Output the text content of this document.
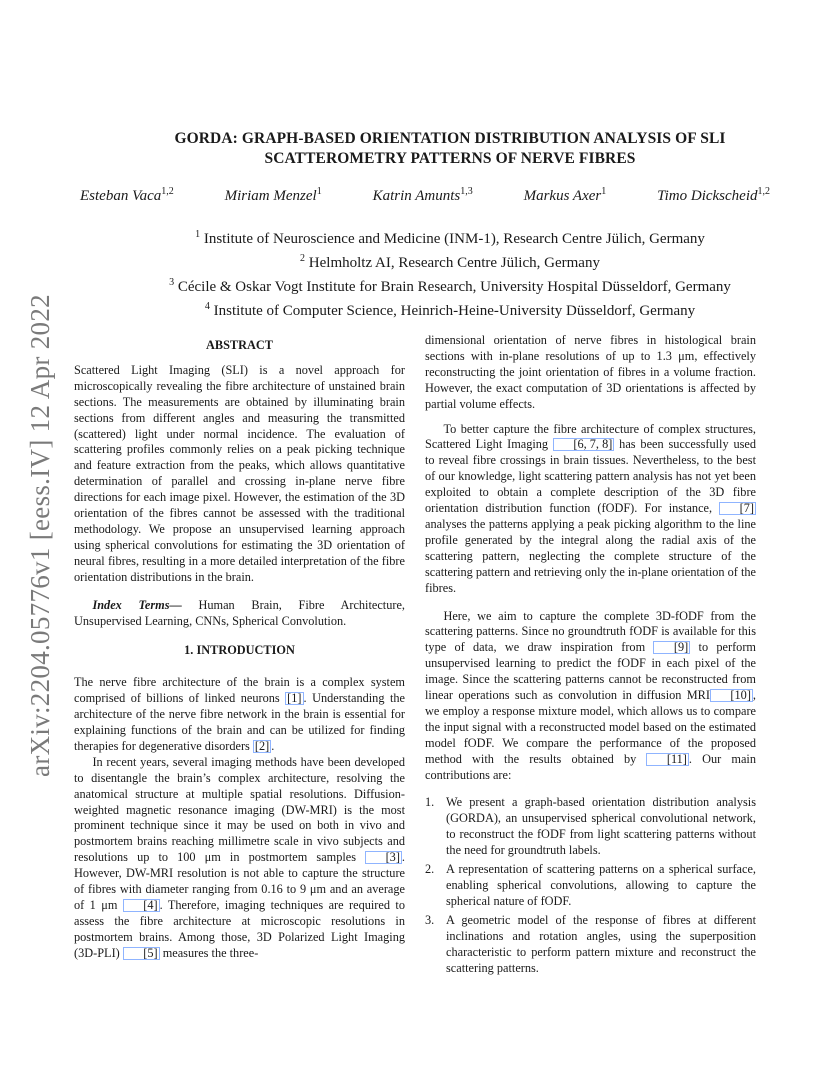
arXiv:2204.05776v1 [eess.IV] 12 Apr 2022
GORDA: GRAPH-BASED ORIENTATION DISTRIBUTION ANALYSIS OF SLI
SCATTEROMETRY PATTERNS OF NERVE FIBRES
Esteban Vaca$^{1,2}$	Miriam Menzel$^1$	Katrin Amunts$^{1,3}$	Markus Axer$^1$	Timo Dickscheid$^{1,2}$
$^1$ Institute of Neuroscience and Medicine (INM-1), Research Centre Jülich, Germany
$^2$ Helmholtz AI, Research Centre Jülich, Germany
$^3$ Cécile & Oskar Vogt Institute for Brain Research, University Hospital Düsseldorf, Germany
$^4$ Institute of Computer Science, Heinrich-Heine-University Düsseldorf, Germany

ABSTRACT

Scattered Light Imaging (SLI) is a novel approach for microscopically revealing the fibre architecture of unstained brain sections. The measurements are obtained by illuminating brain sections from different angles and measuring the transmitted (scattered) light under normal incidence. The evaluation of scattering profiles commonly relies on a peak picking technique and feature extraction from the peaks, which allows quantitative determination of parallel and crossing in-plane nerve fibre directions for each image pixel. However, the estimation of the 3D orientation of the fibres cannot be assessed with the traditional methodology. We propose an unsupervised learning approach using spherical convolutions for estimating the 3D orientation of neural fibres, resulting in a more detailed interpretation of the fibre orientation distributions in the brain.

Index Terms— Human Brain, Fibre Architecture, Unsupervised Learning, CNNs, Spherical Convolution.

1. INTRODUCTION

The nerve fibre architecture of the brain is a complex system comprised of billions of linked neurons [1] . Understanding the architecture of the nerve fibre network in the brain is essential for explaining functions of the brain and can be utilized for finding therapies for degenerative disorders [2] .

In recent years, several imaging methods have been developed to disentangle the brain’s complex architecture, resolving the anatomical structure at multiple spatial resolutions. Diffusion-weighted magnetic resonance imaging (DW-MRI) is the most prominent technique since it may be used on both in vivo and postmortem brains reaching millimetre scale in vivo subjects and resolutions up to 100 μm in postmortem samples [3] . However, DW-MRI resolution is not able to capture the structure of fibres with diameter ranging from 0.16 to 9 μm and an average of 1 μm [4] . Therefore, imaging techniques are required to assess the fibre architecture at microscopic resolutions in postmortem brains. Among those, 3D Polarized Light Imaging (3D-PLI) [5] measures the three-

dimensional orientation of nerve fibres in histological brain sections with in-plane resolutions of up to 1.3 μm, effectively reconstructing the joint orientation of fibres in a volume fraction. However, the exact computation of 3D orientations is affected by partial volume effects.

To better capture the fibre architecture of complex structures, Scattered Light Imaging [6, 7, 8] has been successfully used to reveal fibre crossings in brain tissues. Nevertheless, to the best of our knowledge, light scattering pattern analysis has not yet been exploited to obtain a complete description of the 3D fibre orientation distribution function (fODF). For instance, [7] analyses the patterns applying a peak picking algorithm to the line profile generated by the integral along the radial axis of the scattering pattern, neglecting the complete structure of the scattering pattern and retrieving only the in-plane orientation of the fibres.

Here, we aim to capture the complete 3D-fODF from the scattering patterns. Since no groundtruth fODF is available for this type of data, we draw inspiration from [9] to perform unsupervised learning to predict the fODF in each pixel of the image. Since the scattering patterns cannot be reconstructed from linear operations such as convolution in diffusion MRI [10] , we employ a response mixture model, which allows us to compare the input signal with a reconstructed model based on the estimated model fODF. We compare the performance of the proposed method with the results obtained by [11] . Our main contributions are:

1. We present a graph-based orientation distribution analysis (GORDA), an unsupervised spherical convolutional network, to reconstruct the fODF from light scattering patterns without the need for groundtruth labels.
2. A representation of scattering patterns on a spherical surface, enabling spherical convolutions, allowing to capture the spherical nature of fODF.
3. A geometric model of the response of fibres at different inclinations and rotation angles, using the superposition characteristic to perform pattern mixture and reconstruct the scattering patterns.
